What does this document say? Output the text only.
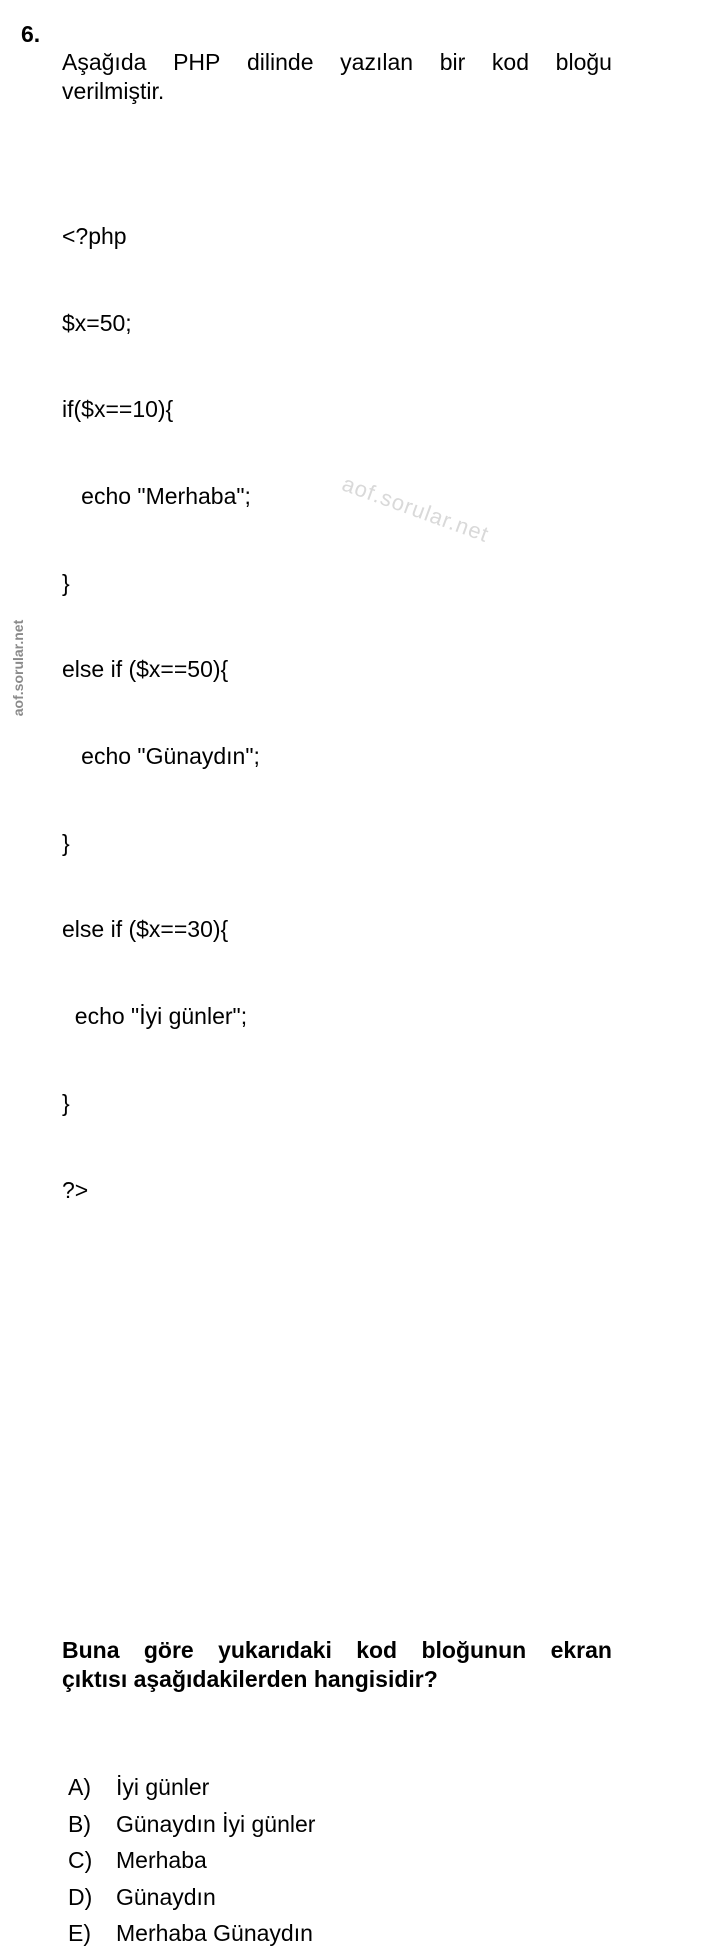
aof.sorular.net
6.
Aşağıda PHP dilinde yazılan bir kod bloğu
verilmiştir.

<?php

$x=50;

if($x==10){

echo "Merhaba";

}

else if ($x==50){

echo "Günaydın";

}

else if ($x==30){

echo "İyi günler";

}

?>

Buna göre yukarıdaki kod bloğunun ekran
çıktısı aşağıdakilerden hangisidir?
A)	İyi günler
B)	Günaydın İyi günler
C)	Merhaba
D)	Günaydın
E)	Merhaba Günaydın
aof.sorular.net
